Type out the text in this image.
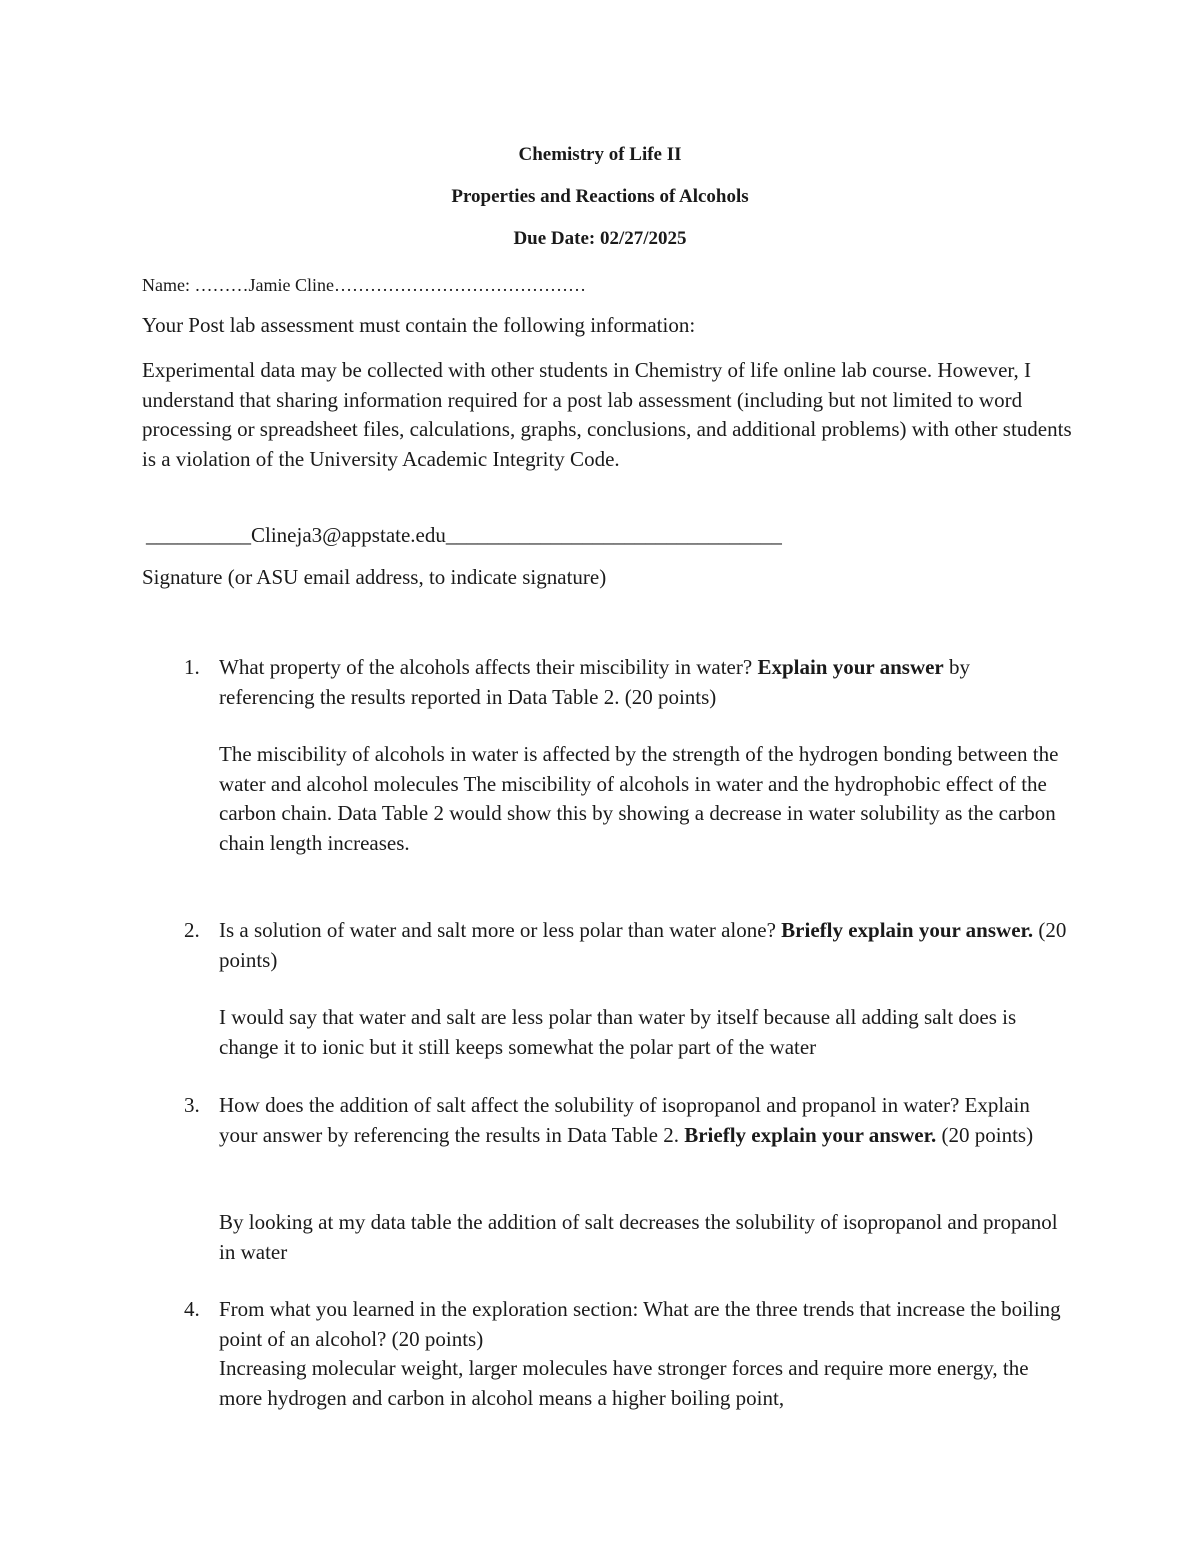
Chemistry of Life II
Properties and Reactions of Alcohols
Due Date: 02/27/2025
Name: ………Jamie Cline……………………………………
Your Post lab assessment must contain the following information:
Experimental data may be collected with other students in Chemistry of life online lab course. However, I understand that sharing information required for a post lab assessment (including but not limited to word processing or spreadsheet files, calculations, graphs, conclusions, and additional problems) with other students is a violation of the University Academic Integrity Code.
__________Clineja3@appstate.edu________________________________
Signature (or ASU email address, to indicate signature)
1. What property of the alcohols affects their miscibility in water? Explain your answer by referencing the results reported in Data Table 2. (20 points)

The miscibility of alcohols in water is affected by the strength of the hydrogen bonding between the water and alcohol molecules The miscibility of alcohols in water and the hydrophobic effect of the carbon chain. Data Table 2 would show this by showing a decrease in water solubility as the carbon chain length increases.
2. Is a solution of water and salt more or less polar than water alone? Briefly explain your answer. (20 points)

I would say that water and salt are less polar than water by itself because all adding salt does is change it to ionic but it still keeps somewhat the polar part of the water
3. How does the addition of salt affect the solubility of isopropanol and propanol in water? Explain your answer by referencing the results in Data Table 2. Briefly explain your answer. (20 points)

By looking at my data table the addition of salt decreases the solubility of isopropanol and propanol in water
4. From what you learned in the exploration section: What are the three trends that increase the boiling point of an alcohol? (20 points)

Increasing molecular weight, larger molecules have stronger forces and require more energy, the more hydrogen and carbon in alcohol means a higher boiling point,
